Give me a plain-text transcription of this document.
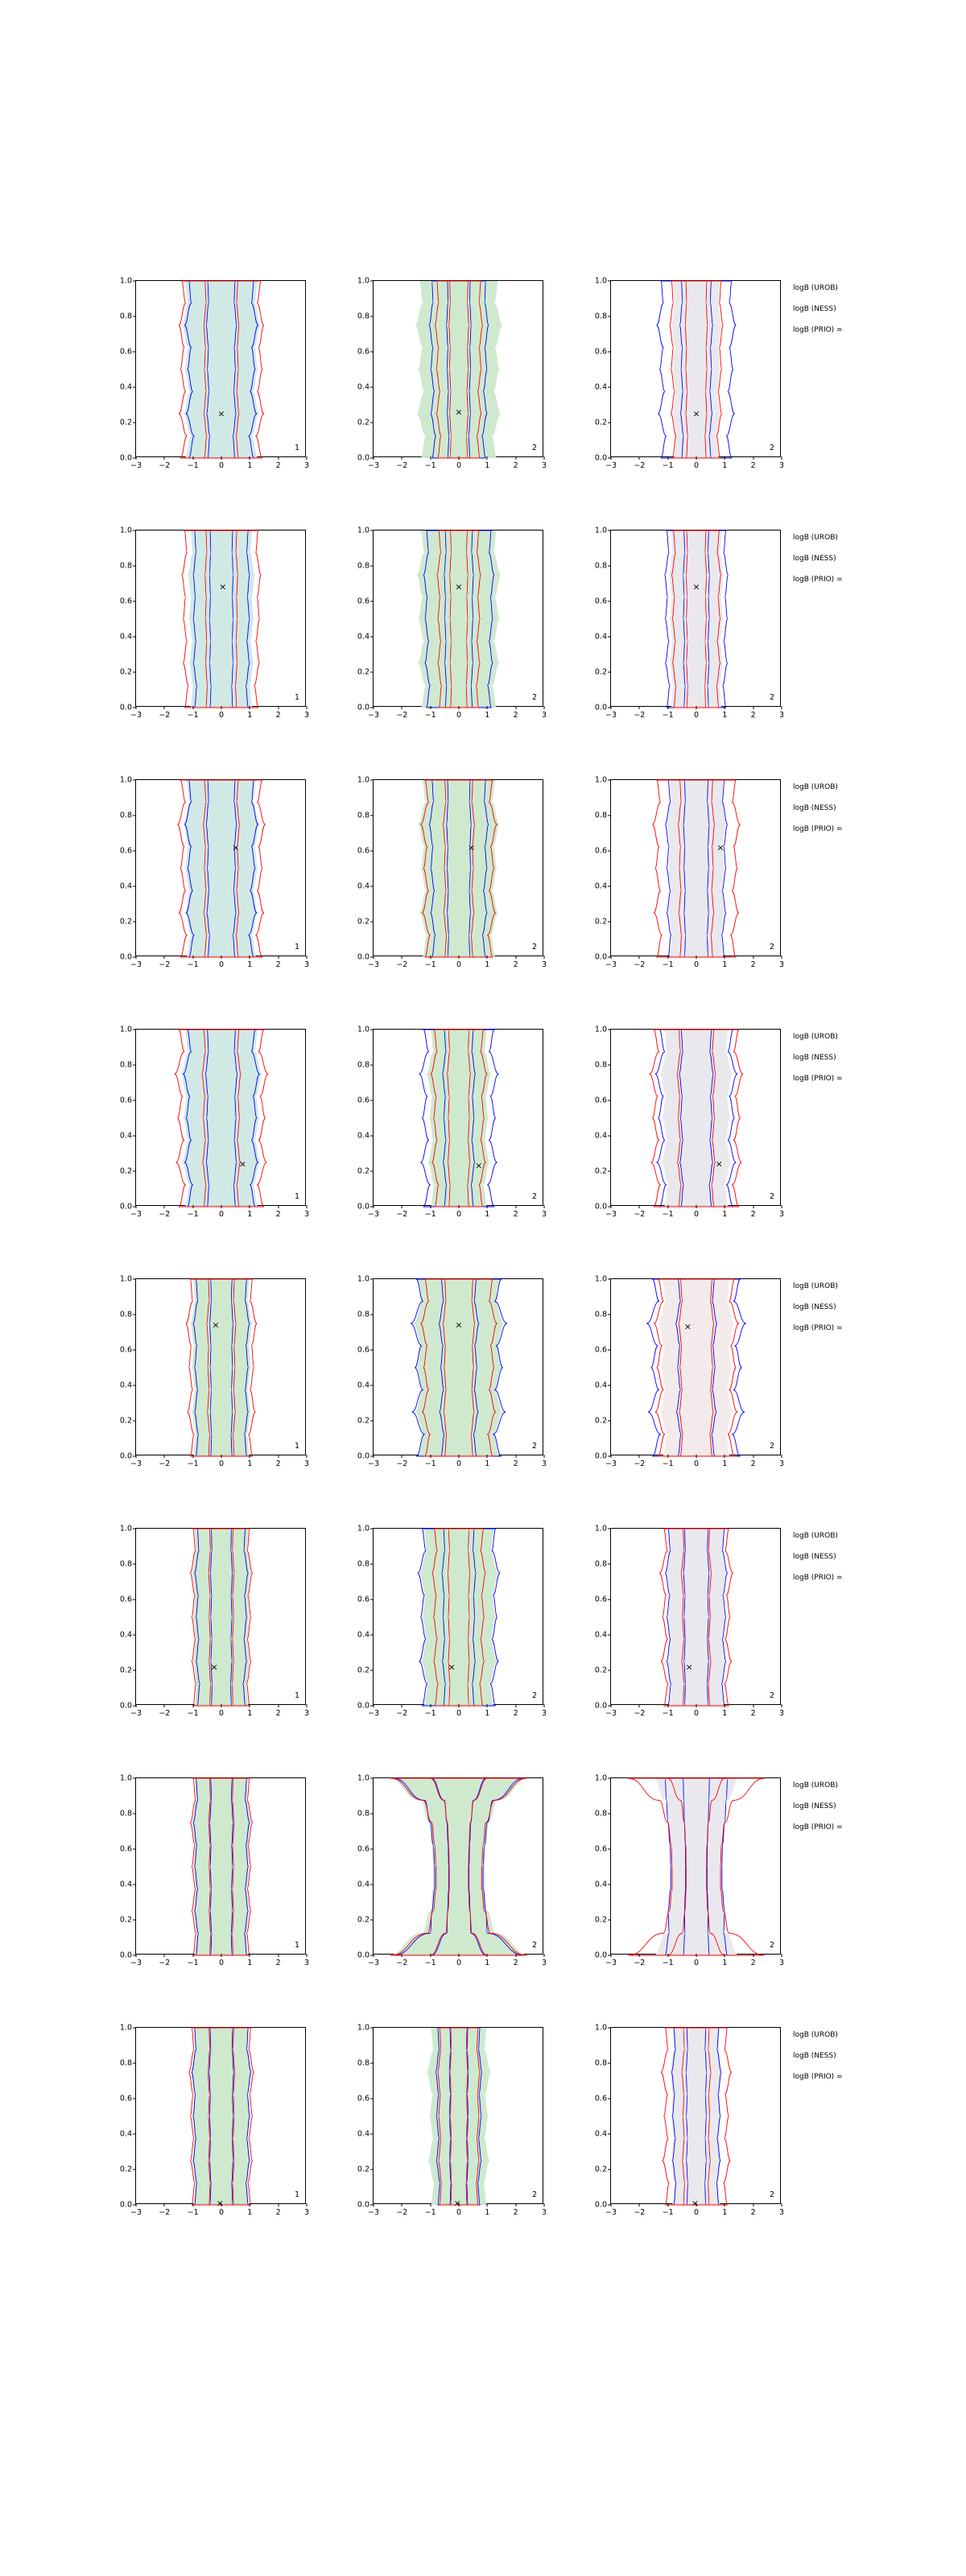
0.0
0.2
0.4
0.6
0.8
1.0
−3 −2 −1	0	1	2	3
×
1
0.0
0.2
0.4
0.6
0.8
1.0
−3 −2 −1	0	1	2	3
×
2
0.0
0.2
0.4
0.6
0.8
1.0
−3 −2 −1	0	1	2	3
×
2
logB (UROB)
logB (NESS)
logB (PRIO) =
0.0
0.2
0.4
0.6
0.8
1.0
−3 −2 −1	0	1	2	3
×
1
0.0
0.2
0.4
0.6
0.8
1.0
−3 −2 −1	0	1	2	3
×
2
0.0
0.2
0.4
0.6
0.8
1.0
−3 −2 −1	0	1	2	3
×
2
logB (UROB)
logB (NESS)
logB (PRIO) =
0.0
0.2
0.4
0.6
0.8
1.0
−3 −2 −1	0	1	2	3
×
1
0.0
0.2
0.4
0.6
0.8
1.0
−3 −2 −1	0	1	2	3
×
2
0.0
0.2
0.4
0.6
0.8
1.0
−3 −2 −1	0	1	2	3
×
2
logB (UROB)
logB (NESS)
logB (PRIO) =
0.0
0.2
0.4
0.6
0.8
1.0
−3 −2 −1	0	1	2	3
×
1
0.0
0.2
0.4
0.6
0.8
1.0
−3 −2 −1	0	1	2	3
×
2
0.0
0.2
0.4
0.6
0.8
1.0
−3 −2 −1	0	1	2	3
×
2
logB (UROB)
logB (NESS)
logB (PRIO) =
0.0
0.2
0.4
0.6
0.8
1.0
−3 −2 −1	0	1	2	3
×
1
0.0
0.2
0.4
0.6
0.8
1.0
−3 −2 −1	0	1	2	3
×
2
0.0
0.2
0.4
0.6
0.8
1.0
−3 −2 −1	0	1	2	3
×
2
logB (UROB)
logB (NESS)
logB (PRIO) =
0.0
0.2
0.4
0.6
0.8
1.0
−3 −2 −1	0	1	2	3
×
1
0.0
0.2
0.4
0.6
0.8
1.0
−3 −2 −1	0	1	2	3
×
2
0.0
0.2
0.4
0.6
0.8
1.0
−3 −2 −1	0	1	2	3
×
2
logB (UROB)
logB (NESS)
logB (PRIO) =
0.0
0.2
0.4
0.6
0.8
1.0
−3 −2 −1	0	1	2	3
1
0.0
0.2
0.4
0.6
0.8
1.0
−3 −2 −1	0	1	2	3
2
0.0
0.2
0.4
0.6
0.8
1.0
−3 −2 −1	0	1	2	3
2
logB (UROB)
logB (NESS)
logB (PRIO) =
0.0
0.2
0.4
0.6
0.8
1.0
−3 −2 −1	0	1	2	3
×
1
0.0
0.2
0.4
0.6
0.8
1.0
−3 −2 −1	0	1	2	3
×
2
0.0
0.2
0.4
0.6
0.8
1.0
−3 −2 −1	0	1	2	3
×
2
logB (UROB)
logB (NESS)
logB (PRIO) =
